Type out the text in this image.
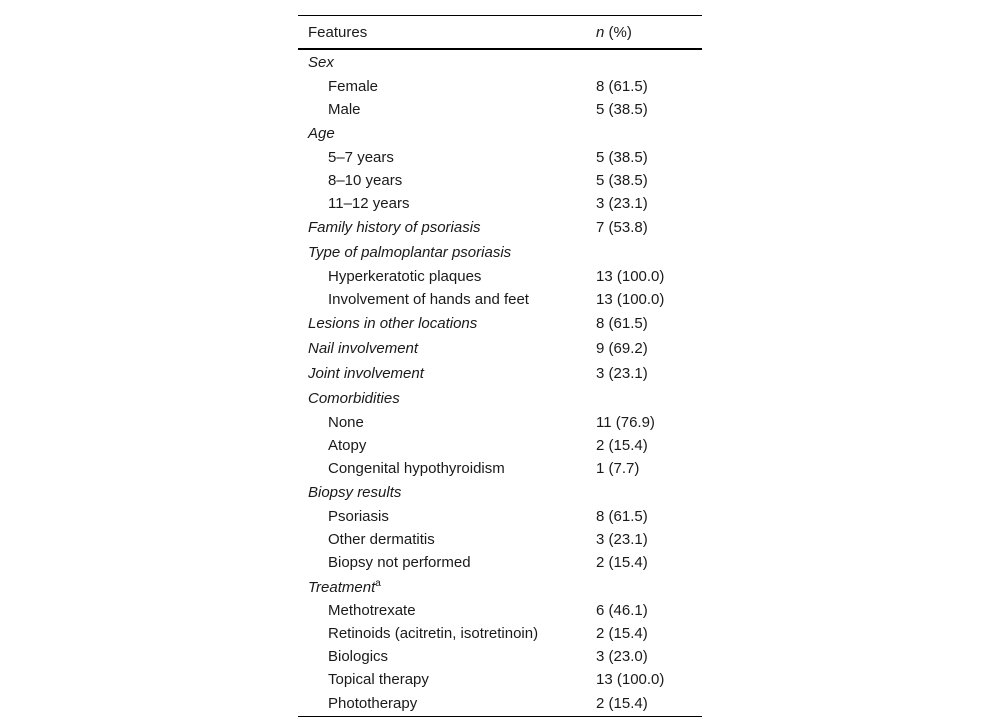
Features	n (%)
Sex	
Female	8 (61.5)
Male	5 (38.5)
Age	
5–7 years	5 (38.5)
8–10 years	5 (38.5)
11–12 years	3 (23.1)
Family history of psoriasis	7 (53.8)
Type of palmoplantar psoriasis	
Hyperkeratotic plaques	13 (100.0)
Involvement of hands and feet	13 (100.0)
Lesions in other locations	8 (61.5)
Nail involvement	9 (69.2)
Joint involvement	3 (23.1)
Comorbidities	
None	11 (76.9)
Atopy	2 (15.4)
Congenital hypothyroidism	1 (7.7)
Biopsy results	
Psoriasis	8 (61.5)
Other dermatitis	3 (23.1)
Biopsy not performed	2 (15.4)
Treatment$^a$	
Methotrexate	6 (46.1)
Retinoids (acitretin, isotretinoin)	2 (15.4)
Biologics	3 (23.0)
Topical therapy	13 (100.0)
Phototherapy	2 (15.4)
